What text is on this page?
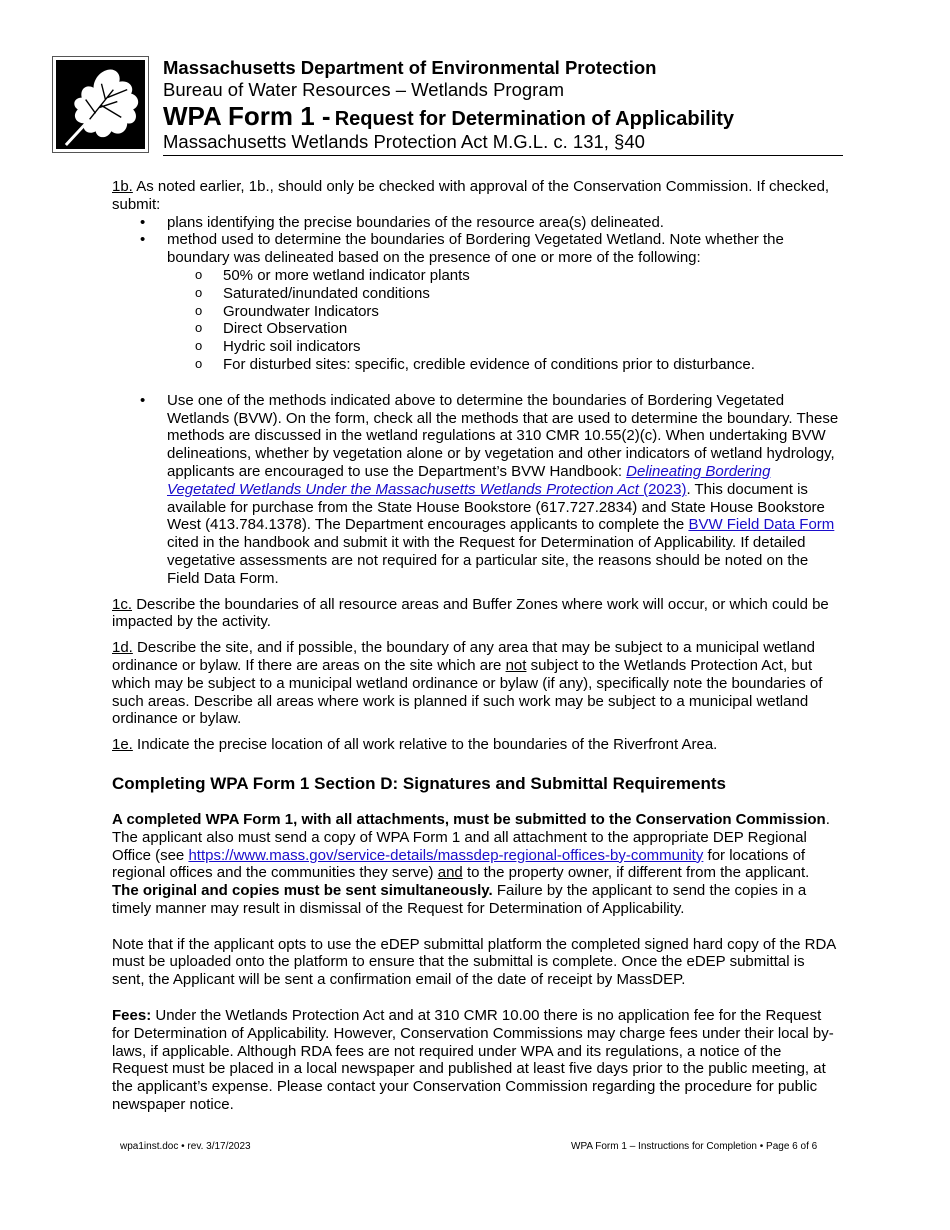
Massachusetts Department of Environmental Protection
Bureau of Water Resources – Wetlands Program
WPA Form 1 - Request for Determination of Applicability
Massachusetts Wetlands Protection Act M.G.L. c. 131, §40

1b. As noted earlier, 1b., should only be checked with approval of the Conservation Commission. If checked, submit:

• plans identifying the precise boundaries of the resource area(s) delineated.
• method used to determine the boundaries of Bordering Vegetated Wetland. Note whether the boundary was delineated based on the presence of one or more of the following:
o 50% or more wetland indicator plants
o Saturated/inundated conditions
o Groundwater Indicators
o Direct Observation
o Hydric soil indicators
o For disturbed sites: specific, credible evidence of conditions prior to disturbance.
• Use one of the methods indicated above to determine the boundaries of Bordering Vegetated Wetlands (BVW). On the form, check all the methods that are used to determine the boundary. These methods are discussed in the wetland regulations at 310 CMR 10.55(2)(c). When undertaking BVW delineations, whether by vegetation alone or by vegetation and other indicators of wetland hydrology, applicants are encouraged to use the Department’s BVW Handbook: Delineating Bordering Vegetated Wetlands Under the Massachusetts Wetlands Protection Act (2023). This document is available for purchase from the State House Bookstore (617.727.2834) and State House Bookstore West (413.784.1378). The Department encourages applicants to complete the BVW Field Data Form cited in the handbook and submit it with the Request for Determination of Applicability. If detailed vegetative assessments are not required for a particular site, the reasons should be noted on the Field Data Form.

1c. Describe the boundaries of all resource areas and Buffer Zones where work will occur, or which could be impacted by the activity.

1d. Describe the site, and if possible, the boundary of any area that may be subject to a municipal wetland ordinance or bylaw. If there are areas on the site which are not subject to the Wetlands Protection Act, but which may be subject to a municipal wetland ordinance or bylaw (if any), specifically note the boundaries of such areas. Describe all areas where work is planned if such work may be subject to a municipal wetland ordinance or bylaw.

1e. Indicate the precise location of all work relative to the boundaries of the Riverfront Area.

Completing WPA Form 1 Section D: Signatures and Submittal Requirements

A completed WPA Form 1, with all attachments, must be submitted to the Conservation Commission. The applicant also must send a copy of WPA Form 1 and all attachment to the appropriate DEP Regional Office (see https://www.mass.gov/service-details/massdep-regional-offices-by-community for locations of regional offices and the communities they serve) and to the property owner, if different from the applicant. The original and copies must be sent simultaneously. Failure by the applicant to send the copies in a timely manner may result in dismissal of the Request for Determination of Applicability.

Note that if the applicant opts to use the eDEP submittal platform the completed signed hard copy of the RDA must be uploaded onto the platform to ensure that the submittal is complete. Once the eDEP submittal is sent, the Applicant will be sent a confirmation email of the date of receipt by MassDEP.

Fees: Under the Wetlands Protection Act and at 310 CMR 10.00 there is no application fee for the Request for Determination of Applicability. However, Conservation Commissions may charge fees under their local by-laws, if applicable. Although RDA fees are not required under WPA and its regulations, a notice of the Request must be placed in a local newspaper and published at least five days prior to the public meeting, at the applicant’s expense. Please contact your Conservation Commission regarding the procedure for public newspaper notice.

wpa1inst.doc • rev. 3/17/2023	WPA Form 1 – Instructions for Completion • Page 6 of 6
